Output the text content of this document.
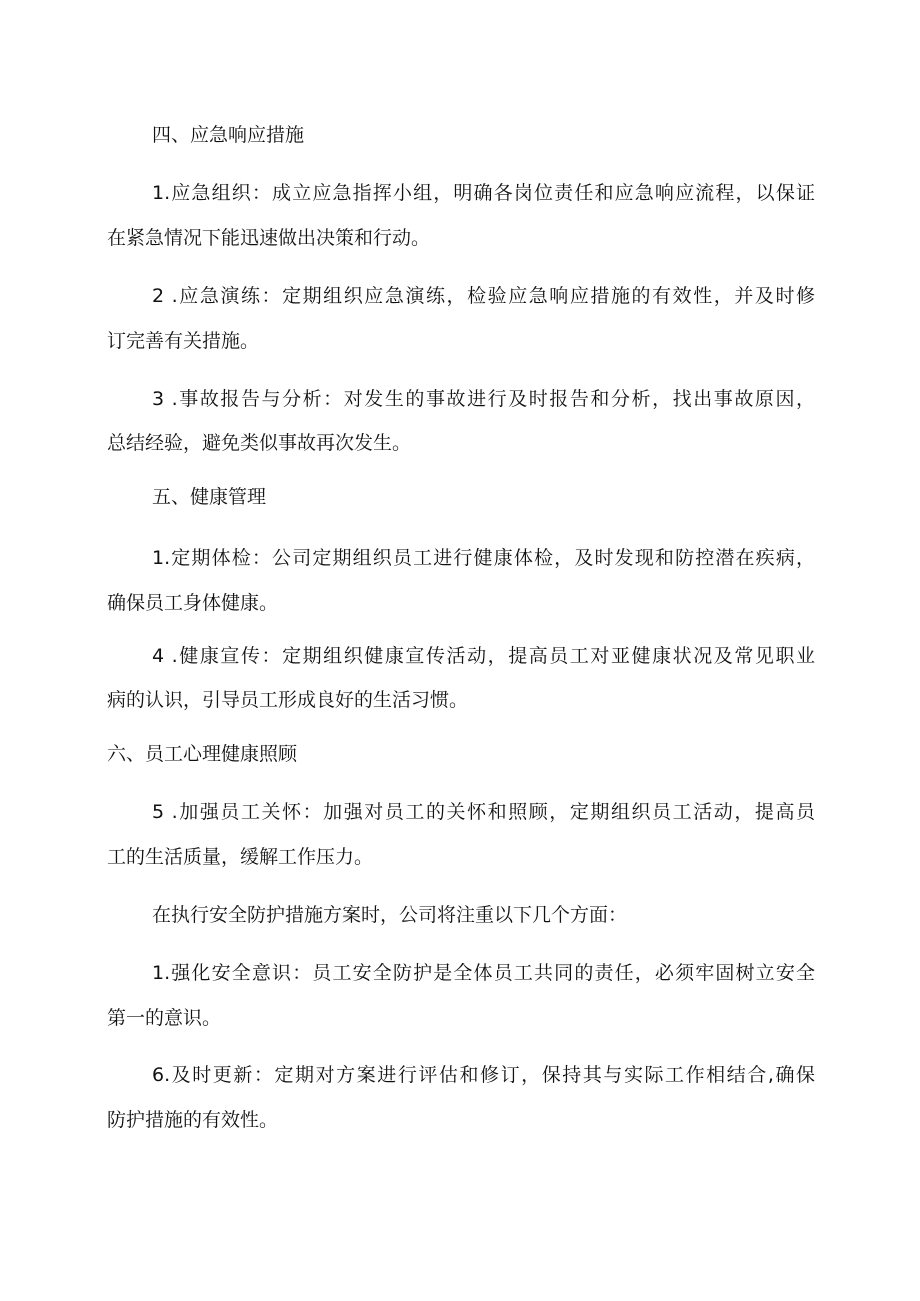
四、应急响应措施
1.应急组织：成立应急指挥小组，明确各岗位责任和应急响应流程，以保证
在紧急情况下能迅速做出决策和行动。
2 .应急演练：定期组织应急演练，检验应急响应措施的有效性，并及时修
订完善有关措施。
3 .事故报告与分析：对发生的事故进行及时报告和分析，找出事故原因，
总结经验，避免类似事故再次发生。
五、健康管理
1.定期体检：公司定期组织员工进行健康体检，及时发现和防控潜在疾病，
确保员工身体健康。
4 .健康宣传：定期组织健康宣传活动，提高员工对亚健康状况及常见职业
病的认识，引导员工形成良好的生活习惯。
六、员工心理健康照顾
5 .加强员工关怀：加强对员工的关怀和照顾，定期组织员工活动，提高员
工的生活质量，缓解工作压力。
在执行安全防护措施方案时，公司将注重以下几个方面：
1.强化安全意识：员工安全防护是全体员工共同的责任，必须牢固树立安全
第一的意识。
6.及时更新：定期对方案进行评估和修订，保持其与实际工作相结合,确保
防护措施的有效性。
